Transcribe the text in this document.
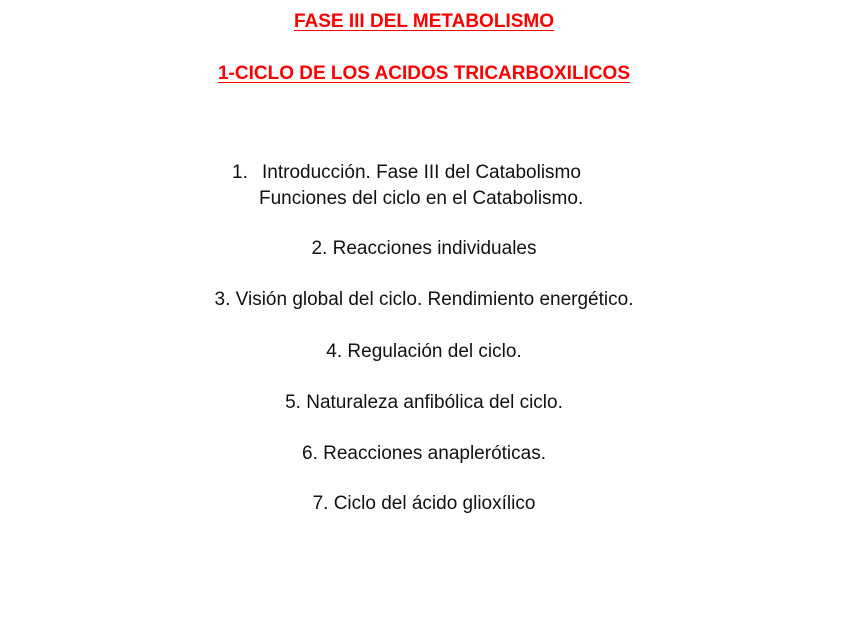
FASE III DEL METABOLISMO
1-CICLO DE LOS ACIDOS TRICARBOXILICOS
1. Introducción. Fase III del Catabolismo
Funciones del ciclo en el Catabolismo.
2. Reacciones individuales
3. Visión global del ciclo. Rendimiento energético.
4. Regulación del ciclo.
5. Naturaleza anfibólica del ciclo.
6. Reacciones anapleróticas.
7. Ciclo del ácido glioxílico
